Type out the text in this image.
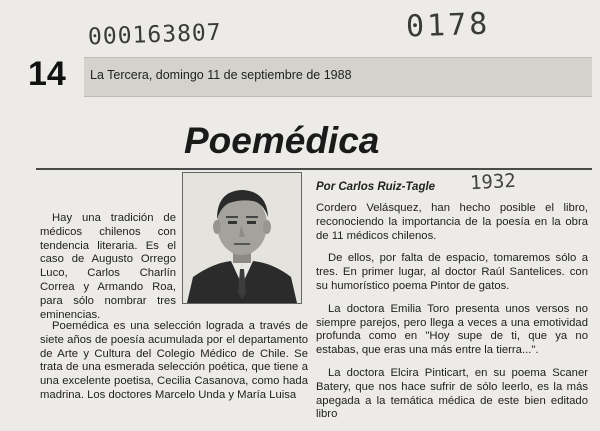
000163807	0178
14 La Tercera, domingo 11 de septiembre de 1988
Poemédica
Por Carlos Ruiz-Tagle 1932

Hay una tradición de médicos chilenos con tendencia literaria. Es el caso de Augusto Orrego Luco, Carlos Charlín Correa y Armando Roa, para sólo nombrar tres eminencias.

Poemédica es una selección lograda a través de siete años de poesía acumulada por el departamento de Arte y Cultura del Colegio Médico de Chile. Se trata de una esmerada selección poética, que tiene a una excelente poetisa, Cecilia Casanova, como hada madrina. Los doctores Marcelo Unda y María Luisa

Cordero Velásquez, han hecho posible el libro, reconociendo la importancia de la poesía en la obra de 11 médicos chilenos.

De ellos, por falta de espacio, tomaremos sólo a tres. En primer lugar, al doctor Raúl Santelices. con su humorístico poema Pintor de gatos.

La doctora Emilia Toro presenta unos versos no siempre parejos, pero llega a veces a una emotividad profunda como en "Hoy supe de ti, que ya no estabas, que eras una más entre la tierra...".

La doctora Elcira Pinticart, en su poema Scaner Batery, que nos hace sufrir de sólo leerlo, es la más apegada a la temática médica de este bien editado libro
